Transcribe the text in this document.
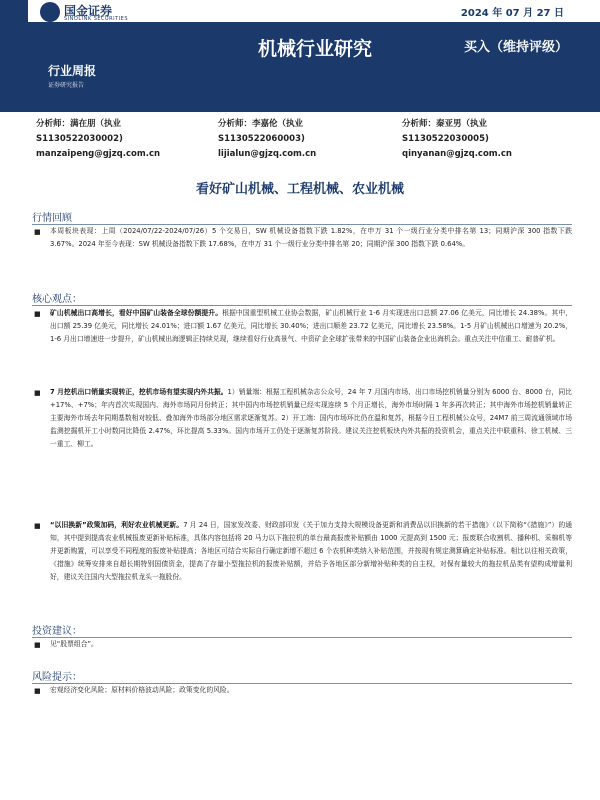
国金证券
SINOLINK SECURITIES	2024 年 07 月 27 日
行业周报
证券研究报告
机械行业研究	买入（维持评级）
分析师：满在朋（执业
S1130522030002)
manzaipeng@gjzq.com.cn
分析师：李嘉伦（执业
S1130522060003)
lijialun@gjzq.com.cn
分析师：秦亚男（执业
S1130522030005)
qinyanan@gjzq.com.cn
看好矿山机械、工程机械、农业机械
行情回顾
■ 本周板块表现：上周（2024/07/22-2024/07/26）5 个交易日，SW 机械设备指数下跌 1.82%，在申万 31 个一级行业分类中排名第 13；同期沪深 300 指数下跌 3.67%。2024 年至今表现：SW 机械设备指数下跌 17.68%，在申万 31 个一级行业分类中排名第 20；同期沪深 300 指数下跌 0.64%。

核心观点：
■ 矿山机械出口高增长，看好中国矿山装备全球份额提升。根据中国重型机械工业协会数据，矿山机械行业 1-6 月实现进出口总额 27.06 亿美元，同比增长 24.38%。其中，出口额 25.39 亿美元，同比增长 24.01%；进口额 1.67 亿美元，同比增长 30.40%；进出口顺差 23.72 亿美元，同比增长 23.58%。1-5 月矿山机械出口增速为 20.2%，1-6 月出口增速进一步提升，矿山机械出海逻辑正持续兑现，继续看好行业高景气、中资矿企全球扩张带来的中国矿山装备企业出海机会。重点关注中信重工、耐普矿机。

■ 7 月挖机出口销量实现转正，挖机市场有望实现内外共振。1）销量端：根据工程机械杂志公众号，24 年 7 月国内市场、出口市场挖机销量分别为 6000 台、8000 台，同比+17%、+7%；年内首次实现国内、海外市场同月份转正；其中国内市场挖机销量已经实现连续 5 个月正增长，海外市场时隔 1 年多再次转正；其中海外市场挖机销量转正主要海外市场去年同期基数相对较低、叠加海外市场部分地区需求逐渐复苏。2）开工端：国内市场环比仍在温和复苏，根据今日工程机械公众号，24M7 前三周流通领域市场监测挖掘机开工小时数同比降低 2.47%，环比提高 5.33%。国内市场开工仍处于逐渐复苏阶段。建议关注挖机板块内外共振的投资机会，重点关注中联重科、徐工机械、三一重工、柳工。

■ “以旧换新”政策加码，利好农业机械更新。7 月 24 日，国家发改委、财政部印发《关于加力支持大规模设备更新和消费品以旧换新的若干措施》（以下简称“《措施》”）的通知，其中提到提高农业机械报废更新补贴标准，具体内容包括将 20 马力以下拖拉机的单台最高报废补贴额由 1000 元提高到 1500 元；报废联合收割机、播种机、采棉机等并更新购置，可以享受不同程度的报废补贴提高；各地区可结合实际自行确定新增不超过 6 个农机种类纳入补贴范围，并按现有规定测算确定补贴标准。相比以往相关政策，《措施》统筹安排来自超长期特别国债资金，提高了存量小型拖拉机的报废补贴额，并给予各地区部分新增补贴种类的自主权，对保有量较大的拖拉机品类有望构成增量利好，建议关注国内大型拖拉机龙头一拖股份。

投资建议：
■ 见“股票组合”。

风险提示：
■ 宏观经济变化风险；原材料价格波动风险；政策变化的风险。
